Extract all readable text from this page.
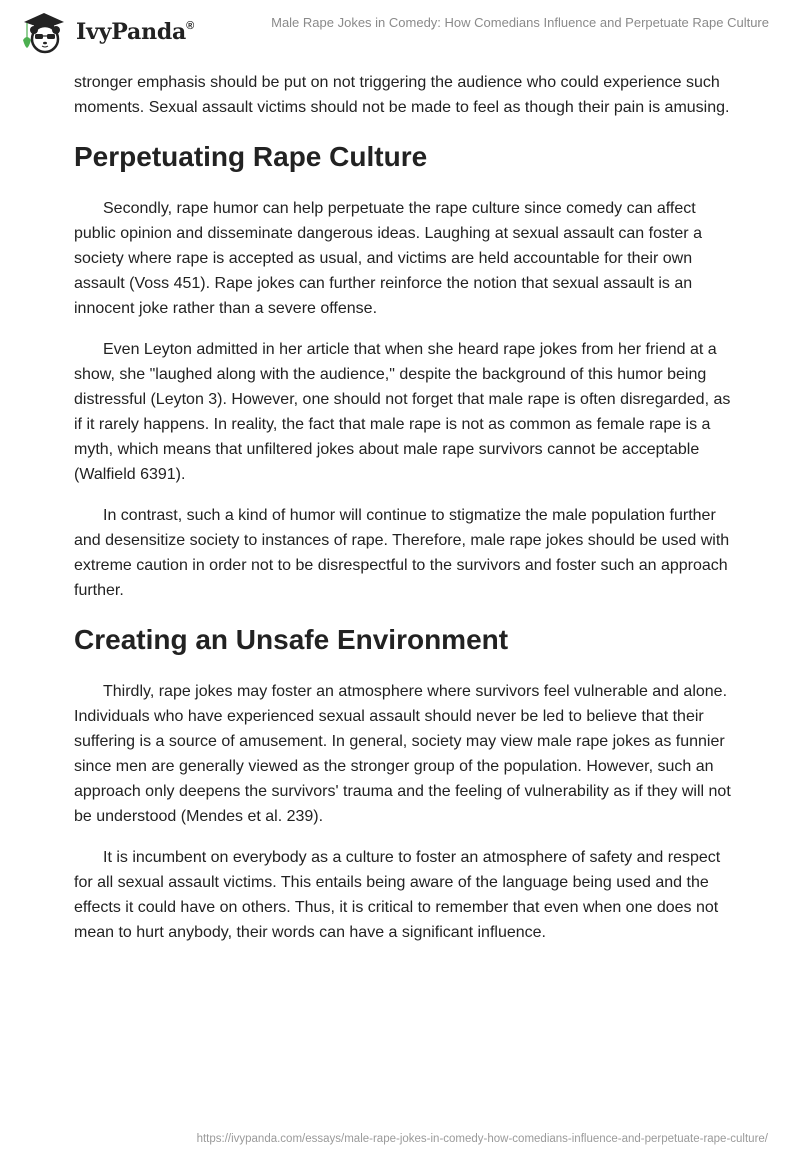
IvyPanda®	Male Rape Jokes in Comedy: How Comedians Influence and Perpetuate Rape Culture

stronger emphasis should be put on not triggering the audience who could experience such moments. Sexual assault victims should not be made to feel as though their pain is amusing.

Perpetuating Rape Culture

Secondly, rape humor can help perpetuate the rape culture since comedy can affect public opinion and disseminate dangerous ideas. Laughing at sexual assault can foster a society where rape is accepted as usual, and victims are held accountable for their own assault (Voss 451). Rape jokes can further reinforce the notion that sexual assault is an innocent joke rather than a severe offense.

Even Leyton admitted in her article that when she heard rape jokes from her friend at a show, she "laughed along with the audience," despite the background of this humor being distressful (Leyton 3). However, one should not forget that male rape is often disregarded, as if it rarely happens. In reality, the fact that male rape is not as common as female rape is a myth, which means that unfiltered jokes about male rape survivors cannot be acceptable (Walfield 6391).

In contrast, such a kind of humor will continue to stigmatize the male population further and desensitize society to instances of rape. Therefore, male rape jokes should be used with extreme caution in order not to be disrespectful to the survivors and foster such an approach further.

Creating an Unsafe Environment

Thirdly, rape jokes may foster an atmosphere where survivors feel vulnerable and alone. Individuals who have experienced sexual assault should never be led to believe that their suffering is a source of amusement. In general, society may view male rape jokes as funnier since men are generally viewed as the stronger group of the population. However, such an approach only deepens the survivors' trauma and the feeling of vulnerability as if they will not be understood (Mendes et al. 239).

It is incumbent on everybody as a culture to foster an atmosphere of safety and respect for all sexual assault victims. This entails being aware of the language being used and the effects it could have on others. Thus, it is critical to remember that even when one does not mean to hurt anybody, their words can have a significant influence.

https://ivypanda.com/essays/male-rape-jokes-in-comedy-how-comedians-influence-and-perpetuate-rape-culture/
